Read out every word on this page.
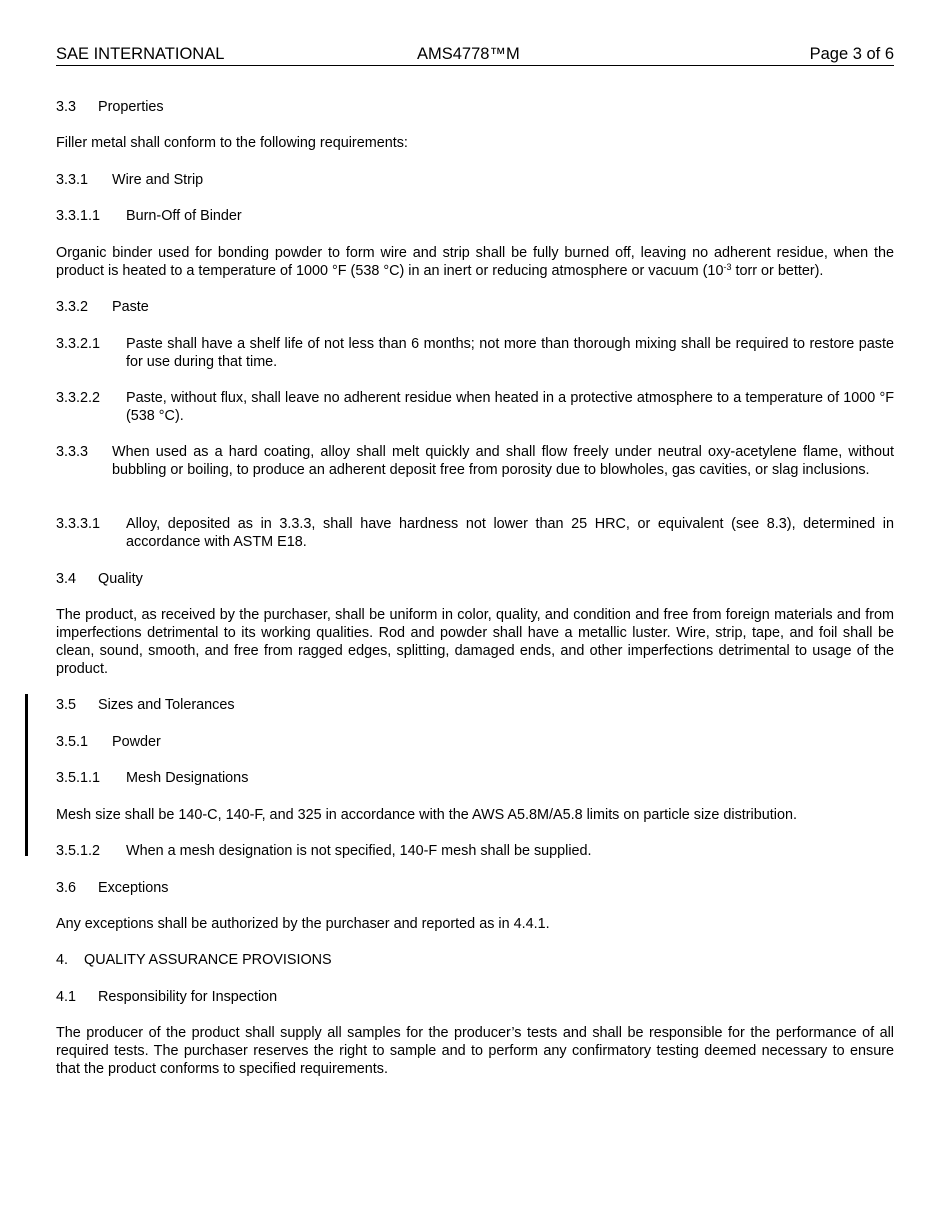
SAE INTERNATIONAL	AMS4778™M	Page 3 of 6
3.3 Properties

Filler metal shall conform to the following requirements:

3.3.1 Wire and Strip
3.3.1.1 Burn-Off of Binder

Organic binder used for bonding powder to form wire and strip shall be fully burned off, leaving no adherent residue, when the product is heated to a temperature of 1000 °F (538 °C) in an inert or reducing atmosphere or vacuum ($10^{-3}$ torr or better).

3.3.2 Paste
3.3.2.1 Paste shall have a shelf life of not less than 6 months; not more than thorough mixing shall be required to restore paste for use during that time.
3.3.2.2 Paste, without flux, shall leave no adherent residue when heated in a protective atmosphere to a temperature of 1000 °F (538 °C).
3.3.3 When used as a hard coating, alloy shall melt quickly and shall flow freely under neutral oxy-acetylene flame, without bubbling or boiling, to produce an adherent deposit free from porosity due to blowholes, gas cavities, or slag inclusions.
3.3.3.1 Alloy, deposited as in 3.3.3, shall have hardness not lower than 25 HRC, or equivalent (see 8.3), determined in accordance with ASTM E18.
3.4 Quality

The product, as received by the purchaser, shall be uniform in color, quality, and condition and free from foreign materials and from imperfections detrimental to its working qualities. Rod and powder shall have a metallic luster. Wire, strip, tape, and foil shall be clean, sound, smooth, and free from ragged edges, splitting, damaged ends, and other imperfections detrimental to usage of the product.

3.5 Sizes and Tolerances
3.5.1 Powder
3.5.1.1 Mesh Designations

Mesh size shall be 140-C, 140-F, and 325 in accordance with the AWS A5.8M/A5.8 limits on particle size distribution.

3.5.1.2 When a mesh designation is not specified, 140-F mesh shall be supplied.
3.6 Exceptions

Any exceptions shall be authorized by the purchaser and reported as in 4.4.1.

4. QUALITY ASSURANCE PROVISIONS
4.1 Responsibility for Inspection

The producer of the product shall supply all samples for the producer’s tests and shall be responsible for the performance of all required tests. The purchaser reserves the right to sample and to perform any confirmatory testing deemed necessary to ensure that the product conforms to specified requirements.
